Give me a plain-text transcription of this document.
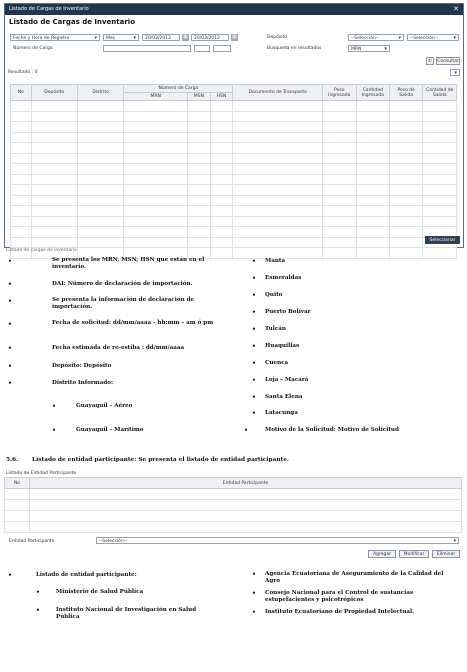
Listado de Cargas de Inventario	✕
Listado de Cargas de Inventario
Fecha y Hora de Registro ▾	Mes ▾	20/03/2012	▦	20/03/2012	▦	Depósito	--Selección-- ▾	--Selección-- ▾
Número de Carga	Búsqueda en resultados	MRN ▾
↻	Consultar
Resultado : 0
▾
No	Depósito	Distrito	Número de Carga			Documento de Transporte	Peso Ingresado	Cantidad Ingresada	Peso de Salida	Cantidad de Salida
			MRN	MSN	HSN					

Seleccionar
Listado de cargas de inventario
•	Se presenta los MRN, MSN, HSN que están en el inventario.
•	DAI: Número de declaración de importación.
•	Se presenta la información de declaración de importación.
•	Fecha de solicitud: dd/mm/aaaa - hh:mm – am ó pm
•	Fecha estimada de re-estiba : dd/mm/aaaa
•	Depósito: Depósito
•	Distrito Informado:
•	Guayaquil – Aéreo
•	Guayaquil – Marítimo
• Manta
• Esmeraldas
• Quito
• Puerto Bolívar
• Tulcán
• Huaquillas
• Cuenca
• Loja – Macará
• Santa Elena
• Latacunga
•	Motivo de la Solicitud: Motivo de Solicitud
5.6. Listado de entidad participante: Se presenta el listado de entidad participante.
Listado de Entidad Participante
No	Entidad Participante

Entidad Participante	--Selección-- ▾
Agregar	Modificar	Eliminar
•	Listado de entidad participante:
•	Ministerio de Salud Pública
•	Instituto Nacional de Investigación en Salud Pública
• Agencia Ecuatoriana de Aseguramiento de la Calidad del Agro
• Consejo Nacional para el Control de sustancias estupefacientes y psicotrópicos
• Instituto Ecuatoriano de Propiedad Intelectual.
